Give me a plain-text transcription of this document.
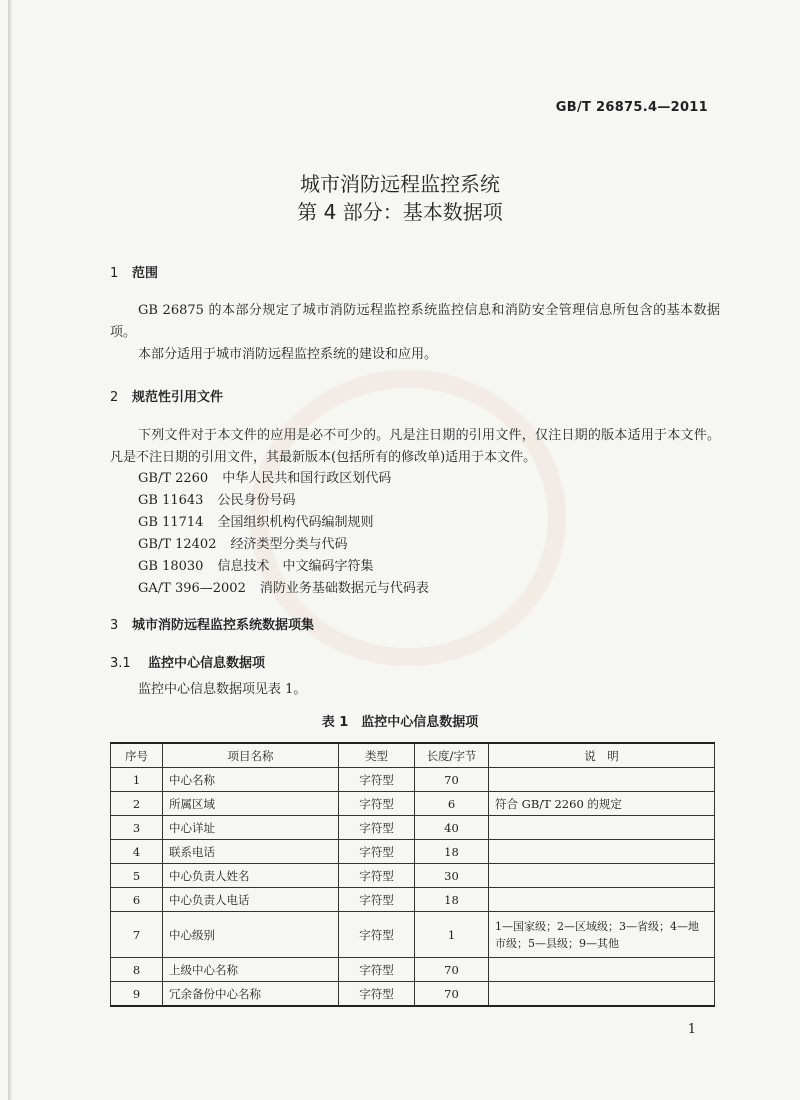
GB/T 26875.4—2011
城市消防远程监控系统
第 4 部分：基本数据项
1 范围
GB 26875 的本部分规定了城市消防远程监控系统监控信息和消防安全管理信息所包含的基本数据项。
本部分适用于城市消防远程监控系统的建设和应用。
2 规范性引用文件
下列文件对于本文件的应用是必不可少的。凡是注日期的引用文件，仅注日期的版本适用于本文件。凡是不注日期的引用文件，其最新版本(包括所有的修改单)适用于本文件。
GB/T 2260 中华人民共和国行政区划代码
GB 11643 公民身份号码
GB 11714 全国组织机构代码编制规则
GB/T 12402 经济类型分类与代码
GB 18030 信息技术　中文编码字符集
GA/T 396—2002 消防业务基础数据元与代码表
3 城市消防远程监控系统数据项集
3.1 监控中心信息数据项
监控中心信息数据项见表 1。
表 1　监控中心信息数据项
序号	项目名称	类型	长度/字节	说　明
1	中心名称	字符型	70	
2	所属区域	字符型	6	符合 GB/T 2260 的规定
3	中心详址	字符型	40	
4	联系电话	字符型	18	
5	中心负责人姓名	字符型	30	
6	中心负责人电话	字符型	18	
7	中心级别	字符型	1	1—国家级；2—区域级；3—省级；4—地市级；5—县级；9—其他
8	上级中心名称	字符型	70	
9	冗余备份中心名称	字符型	70	
1
